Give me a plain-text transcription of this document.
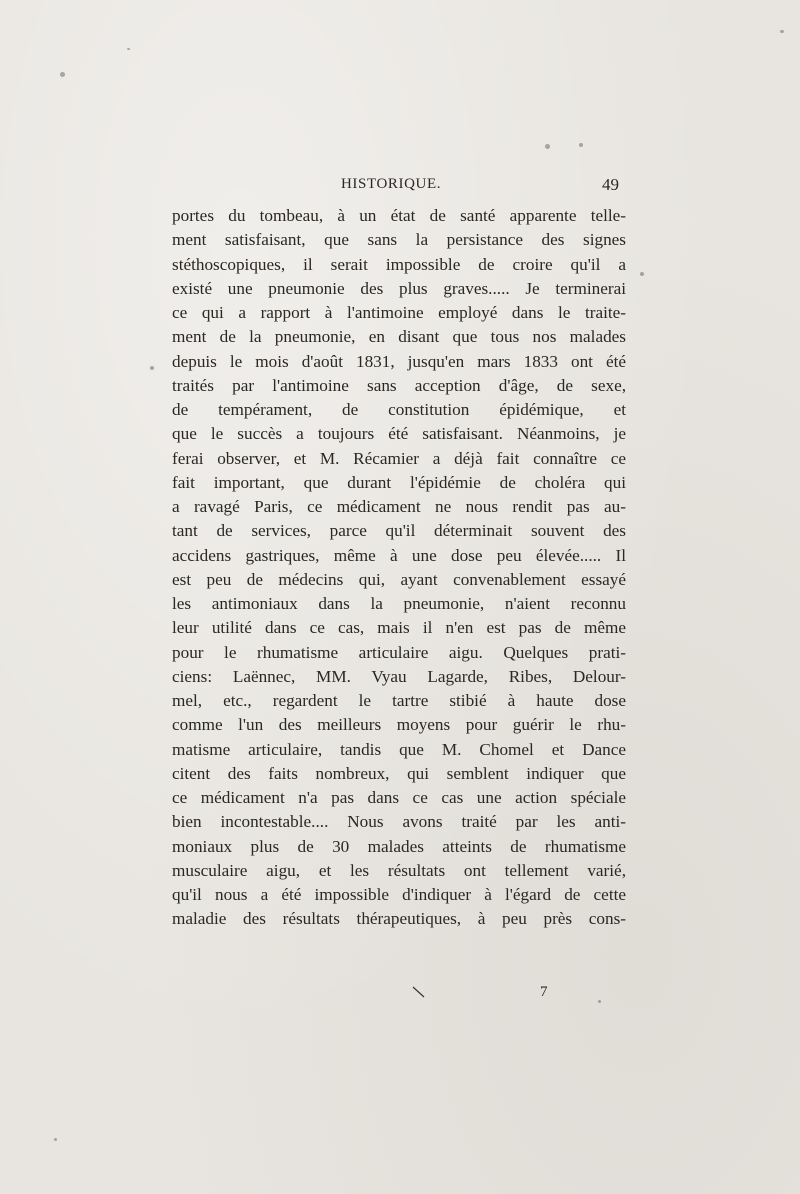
HISTORIQUE.	49
portes du tombeau, à un état de santé apparente telle-
ment satisfaisant, que sans la persistance des signes
stéthoscopiques, il serait impossible de croire qu'il a
existé une pneumonie des plus graves..... Je terminerai
ce qui a rapport à l'antimoine employé dans le traite-
ment de la pneumonie, en disant que tous nos malades
depuis le mois d'août 1831, jusqu'en mars 1833 ont été
traités par l'antimoine sans acception d'âge, de sexe,
de tempérament, de constitution épidémique, et
que le succès a toujours été satisfaisant. Néanmoins, je
ferai observer, et M. Récamier a déjà fait connaître ce
fait important, que durant l'épidémie de choléra qui
a ravagé Paris, ce médicament ne nous rendit pas au-
tant de services, parce qu'il déterminait souvent des
accidens gastriques, même à une dose peu élevée..... Il
est peu de médecins qui, ayant convenablement essayé
les antimoniaux dans la pneumonie, n'aient reconnu
leur utilité dans ce cas, mais il n'en est pas de même
pour le rhumatisme articulaire aigu. Quelques prati-
ciens: Laënnec, MM. Vyau Lagarde, Ribes, Delour-
mel, etc., regardent le tartre stibié à haute dose
comme l'un des meilleurs moyens pour guérir le rhu-
matisme articulaire, tandis que M. Chomel et Dance
citent des faits nombreux, qui semblent indiquer que
ce médicament n'a pas dans ce cas une action spéciale
bien incontestable.... Nous avons traité par les anti-
moniaux plus de 30 malades atteints de rhumatisme
musculaire aigu, et les résultats ont tellement varié,
qu'il nous a été impossible d'indiquer à l'égard de cette
maladie des résultats thérapeutiques, à peu près cons-
7
